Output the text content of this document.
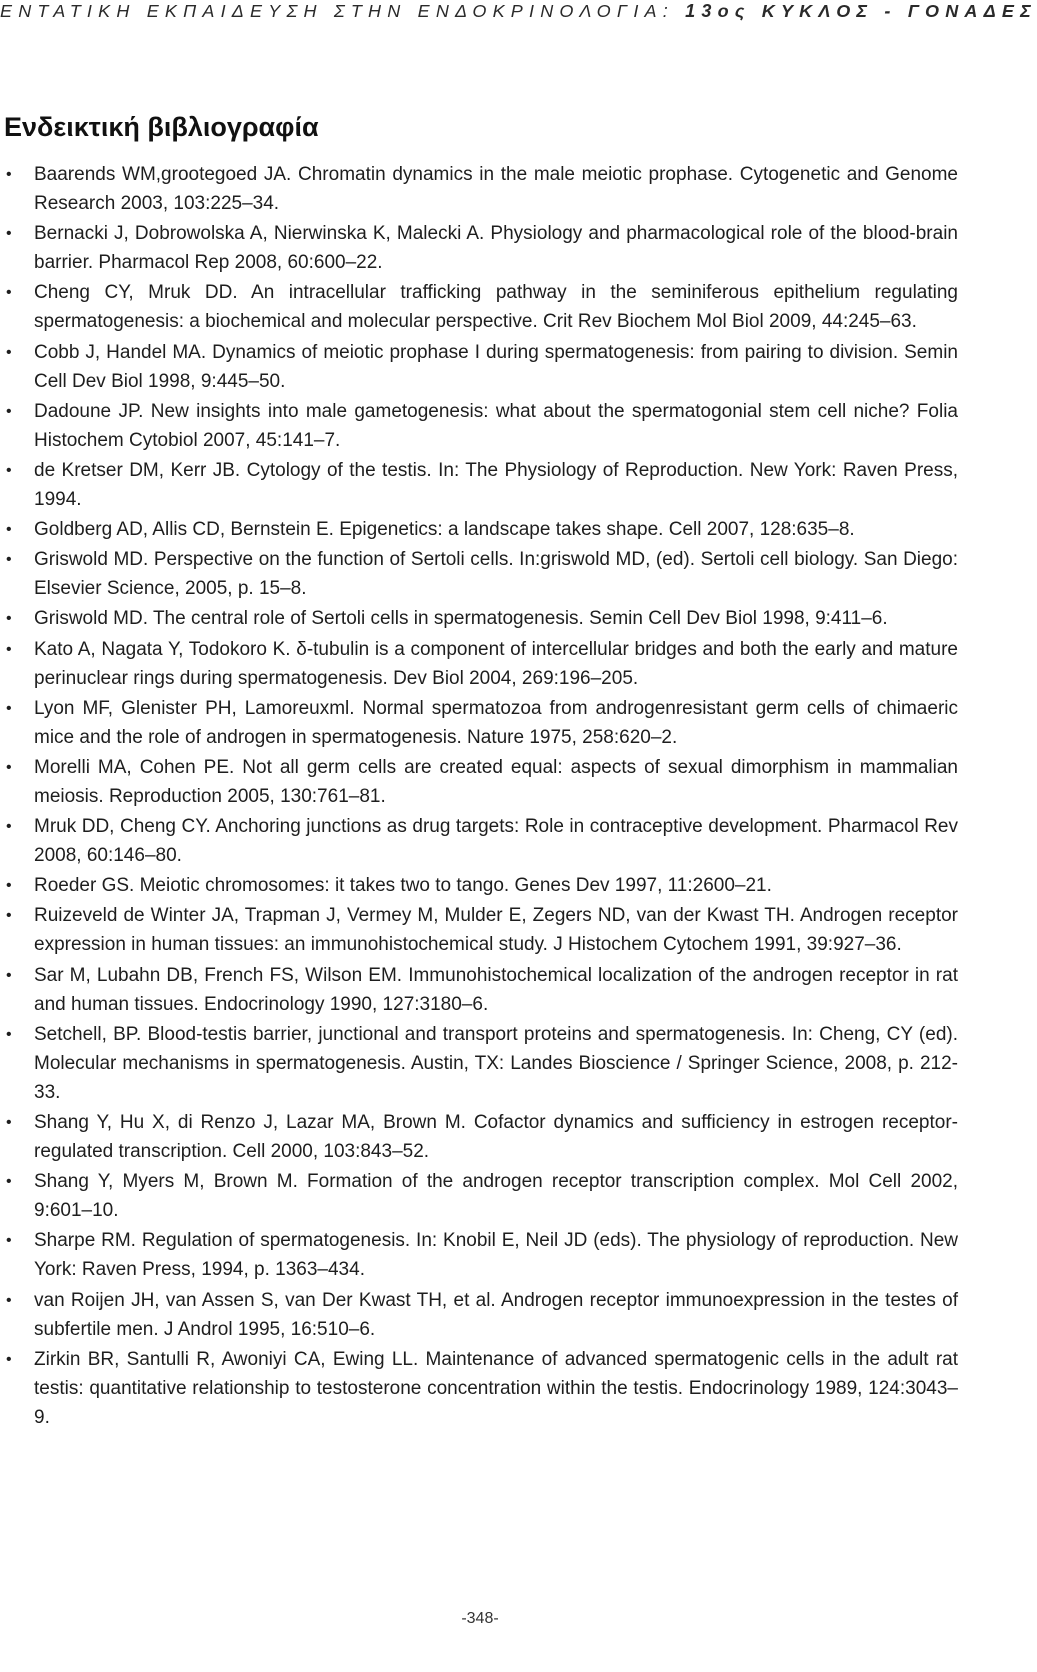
ΕΝΤΑΤΙΚΗ ΕΚΠΑΙΔΕΥΣΗ ΣΤΗΝ ΕΝΔΟΚΡΙΝΟΛΟΓΙΑ: 13ος ΚΥΚΛΟΣ - ΓΟΝΑΔΕΣ
Ενδεικτική βιβλιογραφία
• Baarends WM,grootegoed JA. Chromatin dynamics in the male meiotic prophase. Cytogenetic and Genome Research 2003, 103:225–34.
• Bernacki J, Dobrowolska A, Nierwinska K, Malecki A. Physiology and pharmacological role of the blood-brain barrier. Pharmacol Rep 2008, 60:600–22.
• Cheng CY, Mruk DD. An intracellular trafficking pathway in the seminiferous epithelium regulating spermatogenesis: a biochemical and molecular perspective. Crit Rev Biochem Mol Biol 2009, 44:245–63.
• Cobb J, Handel MA. Dynamics of meiotic prophase I during spermatogenesis: from pairing to division. Semin Cell Dev Biol 1998, 9:445–50.
• Dadoune JP. New insights into male gametogenesis: what about the spermatogonial stem cell niche? Folia Histochem Cytobiol 2007, 45:141–7.
• de Kretser DM, Kerr JB. Cytology of the testis. In: The Physiology of Reproduction. New York: Raven Press, 1994.
• Goldberg AD, Allis CD, Bernstein E. Epigenetics: a landscape takes shape. Cell 2007, 128:635–8.
• Griswold MD. Perspective on the function of Sertoli cells. In:griswold MD, (ed). Sertoli cell biology. San Diego: Elsevier Science, 2005, p. 15–8.
• Griswold MD. The central role of Sertoli cells in spermatogenesis. Semin Cell Dev Biol 1998, 9:411–6.
• Kato A, Nagata Y, Todokoro K. δ-tubulin is a component of intercellular bridges and both the early and mature perinuclear rings during spermatogenesis. Dev Biol 2004, 269:196–205.
• Lyon MF, Glenister PH, Lamoreuxml. Normal spermatozoa from androgenresistant germ cells of chimaeric mice and the role of androgen in spermatogenesis. Nature 1975, 258:620–2.
• Morelli MA, Cohen PE. Not all germ cells are created equal: aspects of sexual dimorphism in mammalian meiosis. Reproduction 2005, 130:761–81.
• Mruk DD, Cheng CY. Anchoring junctions as drug targets: Role in contraceptive development. Pharmacol Rev 2008, 60:146–80.
• Roeder GS. Meiotic chromosomes: it takes two to tango. Genes Dev 1997, 11:2600–21.
• Ruizeveld de Winter JA, Trapman J, Vermey M, Mulder E, Zegers ND, van der Kwast TH. Androgen receptor expression in human tissues: an immunohistochemical study. J Histochem Cytochem 1991, 39:927–36.
• Sar M, Lubahn DB, French FS, Wilson EM. Immunohistochemical localization of the androgen receptor in rat and human tissues. Endocrinology 1990, 127:3180–6.
• Setchell, BP. Blood-testis barrier, junctional and transport proteins and spermatogenesis. In: Cheng, CY (ed). Molecular mechanisms in spermatogenesis. Austin, TX: Landes Bioscience / Springer Science, 2008, p. 212-33.
• Shang Y, Hu X, di Renzo J, Lazar MA, Brown M. Cofactor dynamics and sufficiency in estrogen receptor-regulated transcription. Cell 2000, 103:843–52.
• Shang Y, Myers M, Brown M. Formation of the androgen receptor transcription complex. Mol Cell 2002, 9:601–10.
• Sharpe RM. Regulation of spermatogenesis. In: Knobil E, Neil JD (eds). The physiology of reproduction. New York: Raven Press, 1994, p. 1363–434.
• van Roijen JH, van Assen S, van Der Kwast TH, et al. Androgen receptor immunoexpression in the testes of subfertile men. J Androl 1995, 16:510–6.
• Zirkin BR, Santulli R, Awoniyi CA, Ewing LL. Maintenance of advanced spermatogenic cells in the adult rat testis: quantitative relationship to testosterone concentration within the testis. Endocrinology 1989, 124:3043–9.
-348-
